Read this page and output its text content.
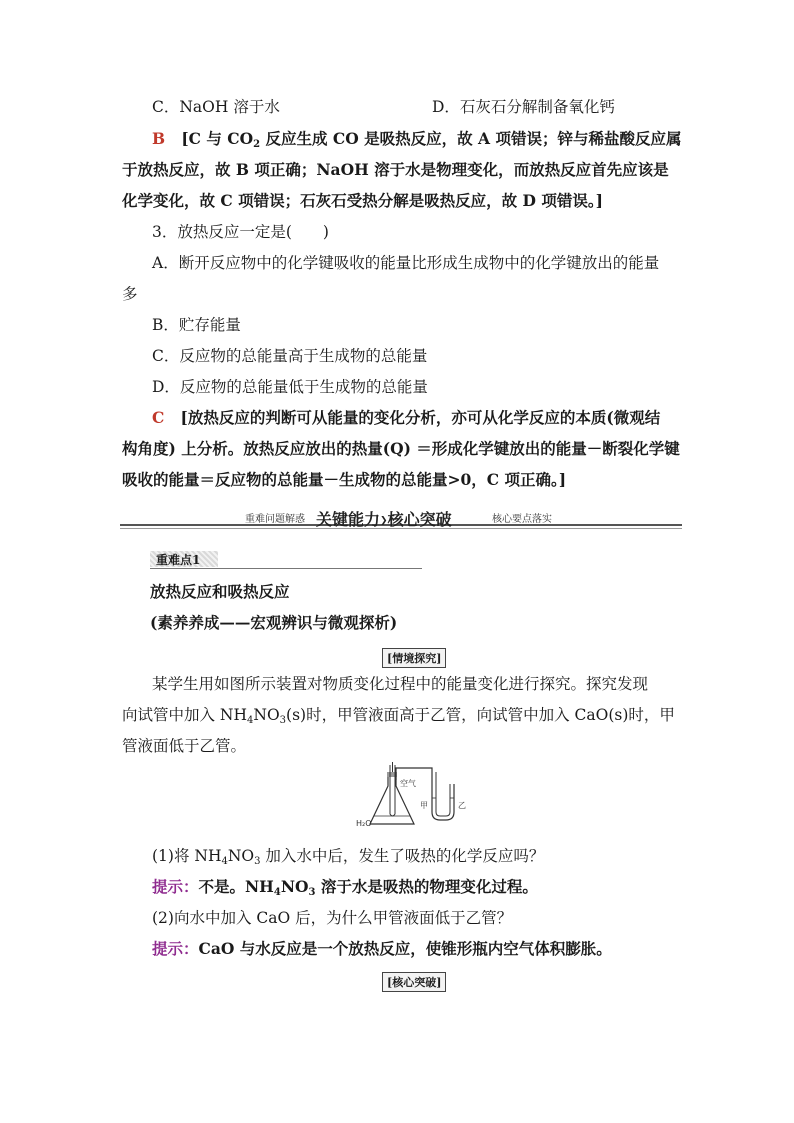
C．NaOH 溶于水	D．石灰石分解制备氧化钙
B [C 与 $CO_2$ 反应生成 CO 是吸热反应，故 A 项错误；锌与稀盐酸反应属
于放热反应，故 B 项正确；NaOH 溶于水是物理变化，而放热反应首先应该是
化学变化，故 C 项错误；石灰石受热分解是吸热反应，故 D 项错误。]
3．放热反应一定是(　　)
A．断开反应物中的化学键吸收的能量比形成生成物中的化学键放出的能量
多
B．贮存能量
C．反应物的总能量高于生成物的总能量
D．反应物的总能量低于生成物的总能量
C [放热反应的判断可从能量的变化分析，亦可从化学反应的本质(微观结
构角度) 上分析。放热反应放出的热量(Q) ＝形成化学键放出的能量－断裂化学键
吸收的能量＝反应物的总能量－生成物的总能量>0，C 项正确。]
重难问题解惑 关键能力❯核心突破	核心要点落实
重难点1
放热反应和吸热反应
(素养养成——宏观辨识与微观探析)
[情境探究]
某学生用如图所示装置对物质变化过程中的能量变化进行探究。探究发现
向试管中加入 $NH_4NO_3(s)$时，甲管液面高于乙管，向试管中加入 CaO(s)时，甲
管液面低于乙管。
空气
甲	乙
H₂O
(1)将 $NH_4NO_3$ 加入水中后，发生了吸热的化学反应吗？
提示：不是。$NH_4NO_3$ 溶于水是吸热的物理变化过程。
(2)向水中加入 CaO 后，为什么甲管液面低于乙管？
提示：CaO 与水反应是一个放热反应，使锥形瓶内空气体积膨胀。
[核心突破]
